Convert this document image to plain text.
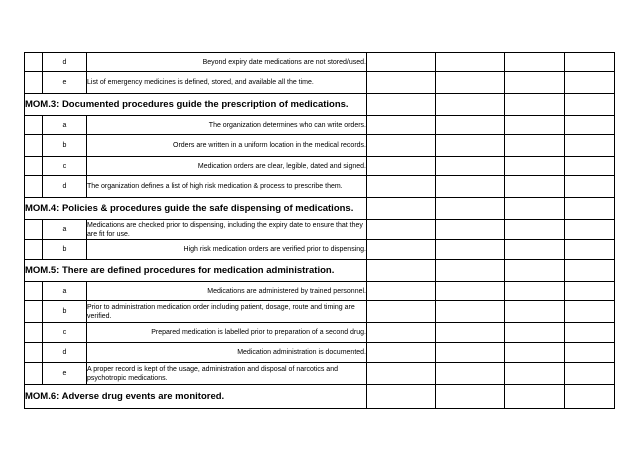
	d	Beyond expiry date medications are not stored/used.				
	e	List of emergency medicines is defined, stored, and available all the time.				
MOM.3: Documented procedures guide the prescription of medications.						
	a	The organization determines who can write orders.				
	b	Orders are written in a uniform location in the medical records.				
	c	Medication orders are clear, legible, dated and signed.				
	d	The organization defines a list of high risk medication & process to prescribe them.				
MOM.4: Policies & procedures guide the safe dispensing of medications.						
	a	Medications are checked prior to dispensing, including the expiry date to ensure that they are fit for use.				
	b	High risk medication orders are verified prior to dispensing.				
MOM.5: There are defined procedures for medication administration.						
	a	Medications are administered by trained personnel.				
	b	Prior to administration medication order including patient, dosage, route and timing are verified.				
	c	Prepared medication is labelled prior to preparation of a second drug.				
	d	Medication administration is documented.				
	e	A proper record is kept of the usage, administration and disposal of narcotics and psychotropic medications.				
MOM.6: Adverse drug events are monitored.						
